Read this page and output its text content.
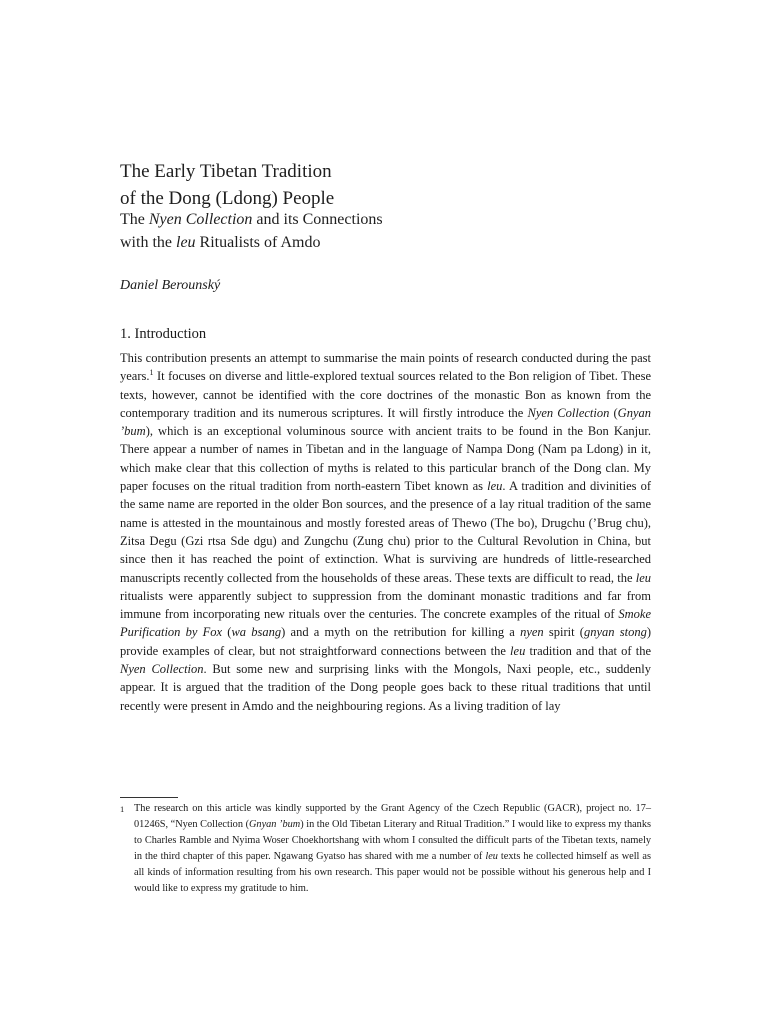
The Early Tibetan Tradition
of the Dong (Ldong) People
The Nyen Collection and its Connections
with the leu Ritualists of Amdo
Daniel Berounský
1. Introduction
This contribution presents an attempt to summarise the main points of research conducted during the past years.$^1$ It focuses on diverse and little-explored textual sources related to the Bon religion of Tibet. These texts, however, cannot be identified with the core doctrines of the monastic Bon as known from the contemporary tradition and its numerous scriptures. It will firstly introduce the Nyen Collection (Gnyan ’bum), which is an exceptional voluminous source with ancient traits to be found in the Bon Kanjur. There appear a number of names in Tibetan and in the language of Nampa Dong (Nam pa Ldong) in it, which make clear that this collection of myths is related to this particular branch of the Dong clan. My paper focuses on the ritual tradition from north-eastern Tibet known as leu. A tradition and divinities of the same name are reported in the older Bon sources, and the presence of a lay ritual tradition of the same name is attested in the mountainous and mostly forested areas of Thewo (The bo), Drugchu (’Brug chu), Zitsa Degu (Gzi rtsa Sde dgu) and Zungchu (Zung chu) prior to the Cultural Revolution in China, but since then it has reached the point of extinction. What is surviving are hundreds of little-researched manuscripts recently collected from the households of these areas. These texts are difficult to read, the leu ritualists were apparently subject to suppression from the dominant monastic traditions and far from immune from incorporating new rituals over the centuries. The concrete examples of the ritual of Smoke Purification by Fox (wa bsang) and a myth on the retribution for killing a nyen spirit (gnyan stong) provide examples of clear, but not straightforward connections between the leu tradition and that of the Nyen Collection. But some new and surprising links with the Mongols, Naxi people, etc., suddenly appear. It is argued that the tradition of the Dong people goes back to these ritual traditions that until recently were present in Amdo and the neighbouring regions. As a living tradition of lay
1 The research on this article was kindly supported by the Grant Agency of the Czech Republic (GACR), project no. 17–01246S, “Nyen Collection (Gnyan ’bum) in the Old Tibetan Literary and Ritual Tradition.” I would like to express my thanks to Charles Ramble and Nyima Woser Choekhortshang with whom I consulted the difficult parts of the Tibetan texts, namely in the third chapter of this paper. Ngawang Gyatso has shared with me a number of leu texts he collected himself as well as all kinds of information resulting from his own research. This paper would not be possible without his generous help and I would like to express my gratitude to him.
